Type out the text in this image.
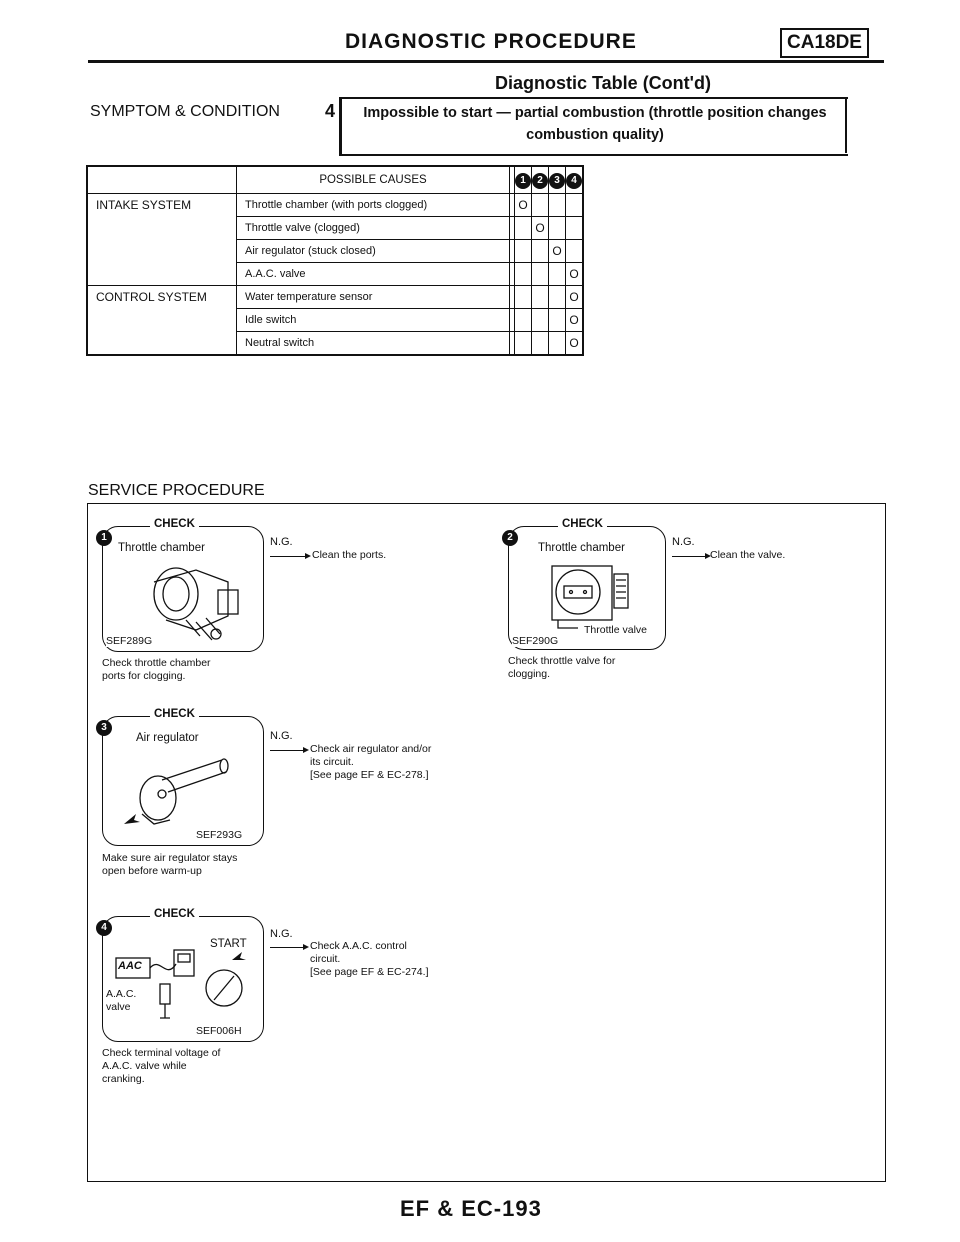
DIAGNOSTIC PROCEDURE	CA18DE
Diagnostic Table (Cont'd)
SYMPTOM & CONDITION	4	Impossible to start — partial combustion (throttle position changes
combustion quality)
	POSSIBLE CAUSES		1	2	3	4
INTAKE SYSTEM	Throttle chamber (with ports clogged)		O			
	Throttle valve (clogged)			O		
	Air regulator (stuck closed)				O	
	A.A.C. valve					O
CONTROL SYSTEM	Water temperature sensor					O
	Idle switch					O
	Neutral switch					O
SERVICE PROCEDURE
CHECK
1
Throttle chamber
SEF289G
Check throttle chamber
ports for clogging.
N.G.
Clean the ports.
CHECK
2
Throttle chamber
Throttle valve
SEF290G
Check throttle valve for
clogging.
N.G.
Clean the valve.
CHECK
3
Air regulator
SEF293G
Make sure air regulator stays
open before warm-up
N.G.
Check air regulator and/or
its circuit.
[See page EF & EC-278.]
CHECK
4
START
AAC
A.A.C.
valve
SEF006H
Check terminal voltage of
A.A.C. valve while
cranking.
N.G.
Check A.A.C. control
circuit.
[See page EF & EC-274.]
EF & EC-193
